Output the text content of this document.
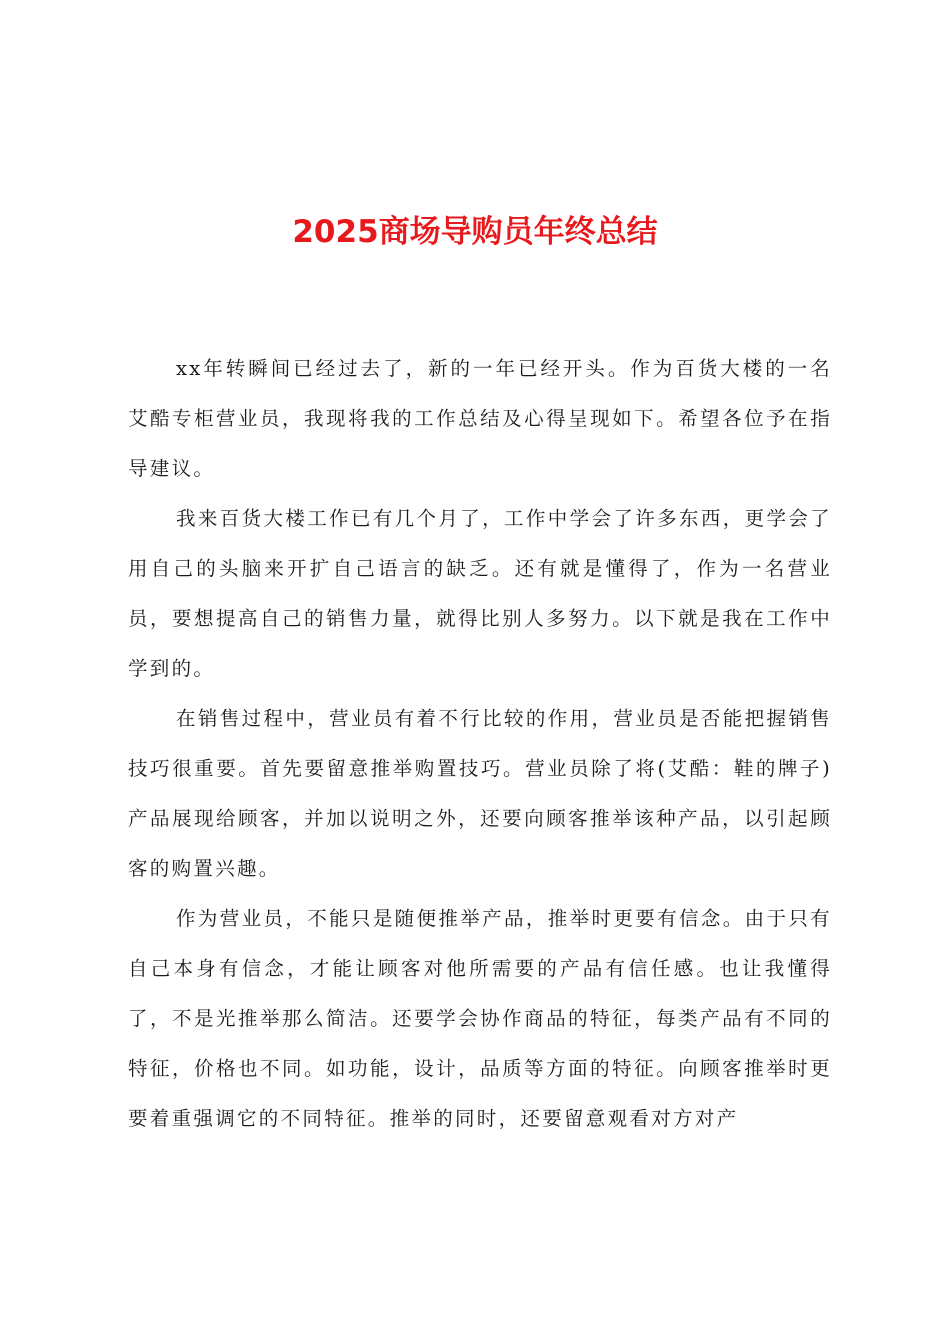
2025商场导购员年终总结

xx年转瞬间已经过去了，新的一年已经开头。作为百货大楼的一名艾酷专柜营业员，我现将我的工作总结及心得呈现如下。希望各位予在指导建议。

我来百货大楼工作已有几个月了，工作中学会了许多东西，更学会了用自己的头脑来开扩自己语言的缺乏。还有就是懂得了，作为一名营业员，要想提高自己的销售力量，就得比别人多努力。以下就是我在工作中学到的。

在销售过程中，营业员有着不行比较的作用，营业员是否能把握销售技巧很重要。首先要留意推举购置技巧。营业员除了将(艾酷：鞋的牌子)产品展现给顾客，并加以说明之外，还要向顾客推举该种产品，以引起顾客的购置兴趣。

作为营业员，不能只是随便推举产品，推举时更要有信念。由于只有自己本身有信念，才能让顾客对他所需要的产品有信任感。也让我懂得了，不是光推举那么简洁。还要学会协作商品的特征，每类产品有不同的特征，价格也不同。如功能，设计，品质等方面的特征。向顾客推举时更要着重强调它的不同特征。推举的同时，还要留意观看对方对产
